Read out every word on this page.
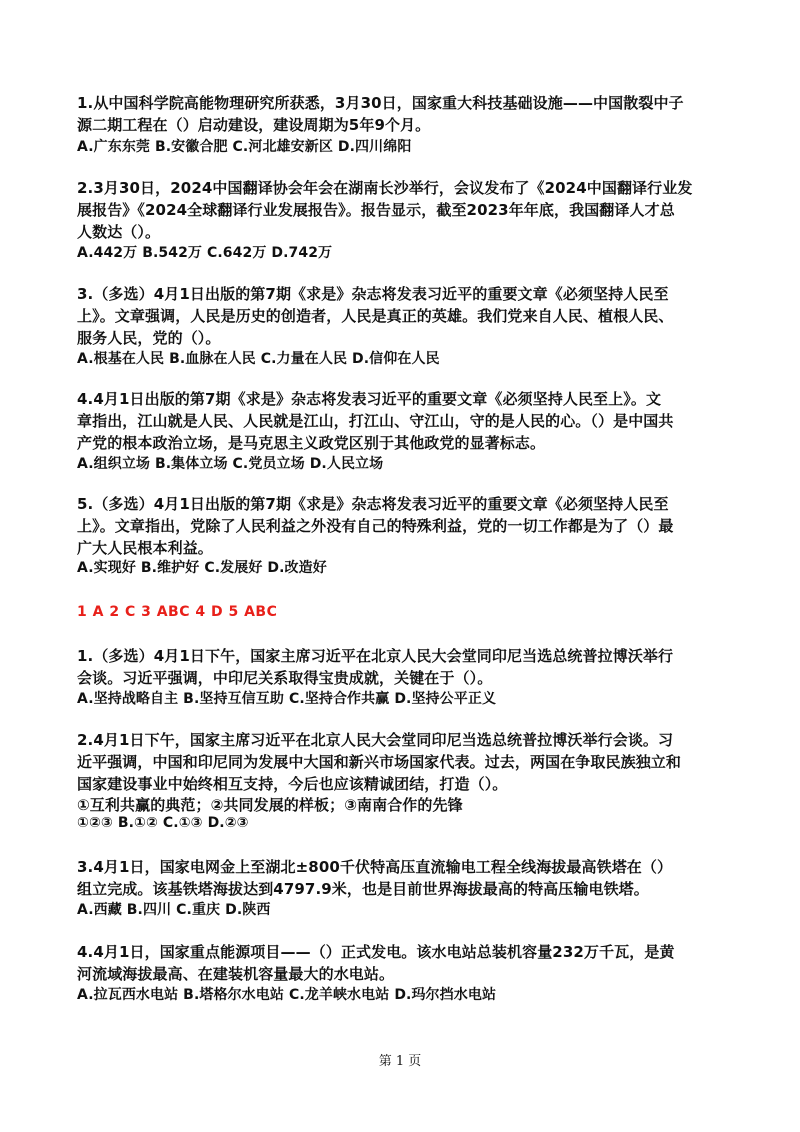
1.从中国科学院高能物理研究所获悉，3月30日，国家重大科技基础设施——中国散裂中子
源二期工程在（）启动建设，建设周期为5年9个月。
A.广东东莞 B.安徽合肥 C.河北雄安新区 D.四川绵阳
2.3月30日，2024中国翻译协会年会在湖南长沙举行，会议发布了《2024中国翻译行业发
展报告》《2024全球翻译行业发展报告》。报告显示，截至2023年年底，我国翻译人才总
人数达（）。
A.442万 B.542万 C.642万 D.742万
3.（多选）4月1日出版的第7期《求是》杂志将发表习近平的重要文章《必须坚持人民至
上》。文章强调，人民是历史的创造者，人民是真正的英雄。我们党来自人民、植根人民、
服务人民，党的（）。
A.根基在人民 B.血脉在人民 C.力量在人民 D.信仰在人民
4.4月1日出版的第7期《求是》杂志将发表习近平的重要文章《必须坚持人民至上》。文
章指出，江山就是人民、人民就是江山，打江山、守江山，守的是人民的心。（）是中国共
产党的根本政治立场，是马克思主义政党区别于其他政党的显著标志。
A.组织立场 B.集体立场 C.党员立场 D.人民立场
5.（多选）4月1日出版的第7期《求是》杂志将发表习近平的重要文章《必须坚持人民至
上》。文章指出，党除了人民利益之外没有自己的特殊利益，党的一切工作都是为了（）最
广大人民根本利益。
A.实现好 B.维护好 C.发展好 D.改造好
1 A 2 C 3 ABC 4 D 5 ABC
1.（多选）4月1日下午，国家主席习近平在北京人民大会堂同印尼当选总统普拉博沃举行
会谈。习近平强调，中印尼关系取得宝贵成就，关键在于（）。
A.坚持战略自主 B.坚持互信互助 C.坚持合作共赢 D.坚持公平正义
2.4月1日下午，国家主席习近平在北京人民大会堂同印尼当选总统普拉博沃举行会谈。习
近平强调，中国和印尼同为发展中大国和新兴市场国家代表。过去，两国在争取民族独立和
国家建设事业中始终相互支持，今后也应该精诚团结，打造（）。
①互利共赢的典范；②共同发展的样板；③南南合作的先锋
①②③ B.①② C.①③ D.②③
3.4月1日，国家电网金上至湖北±800千伏特高压直流输电工程全线海拔最高铁塔在（）
组立完成。该基铁塔海拔达到4797.9米，也是目前世界海拔最高的特高压输电铁塔。
A.西藏 B.四川 C.重庆 D.陕西
4.4月1日，国家重点能源项目——（）正式发电。该水电站总装机容量232万千瓦，是黄
河流域海拔最高、在建装机容量最大的水电站。
A.拉瓦西水电站 B.塔格尔水电站 C.龙羊峡水电站 D.玛尔挡水电站
第 1 页
